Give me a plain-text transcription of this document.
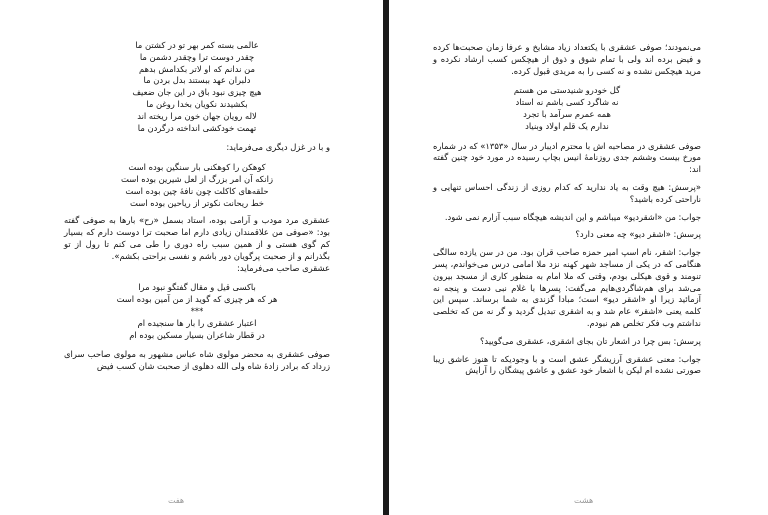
عالمی بسته کمر بهر تو در کشتن ما
چقدر دوست ترا وچقدر دشمن ما
من ندانم که او لاتر بکدامش بدهم
دلبران عهد ببستند بدل بردن ما
هیچ چیزی نبود باق در این جان ضعیف
بکشیدند نکویان بخدا روغن ما
لاله رویان جهان خون مرا ریخته اند
تهمت خودکشی انداخته درگردن ما

و با در غزل دیگری می‌فرماید:

کوهکن را کوهکنی بار سنگین بوده است
زانکه آن امر بزرگ از لعل شیرین بوده است
حلقه‌های کاکلت چون نافۀ چین بوده است
خط ریحانت نکوتر از ریاحین بوده است

عشقری مرد مودب و آرامی بوده، استاد بسمل «رح» بارها به صوفی گفته بود: «صوفی من علاقمندان زیادی دارم اما صحبت ترا دوست دارم که بسیار کم گوی هستی و از همین سبب راه دوری را طی می کنم تا رول از تو بگذرانم و از صحبت پرگویان دور باشم و نفسی براحتی بکشم».

عشقری صاحب می‌فرماید:

باکسی قیل و مقال گفتگو نبود مرا
هر که هر چیزی که گوید از من آمین بوده است
***
اعتبار عشقری را بار ها سنجیده ام
در قطار شاعران بسیار مسکین بوده ام

صوفی عشقری به محضر مولوی شاه عباس مشهور به مولوی صاحب سرای زرداد که برادر زادۀ شاه ولی الله دهلوی از صحبت شان کسب فیض

هفت

می‌نمودند؛ صوفی عشقری با یکتعداد زیاد مشایخ و عرفا زمان صحبت‌ها کرده و فیض برده اند ولی با تمام شوق و ذوق از هیچکس کسب ارشاد نکرده و مرید هیچکس نشده و نه کسی را به مریدی قبول کرده.

گل خودرو شنیدستی من هستم
نه شاگرد کسی باشم نه استاد
همه عمرم سرآمد با تجرد
ندارم یک قلم اولاد وبنیاد

صوفی عشقری در مصاحبه اش با محترم ادیبار در سال «۱۳۵۳» که در شماره مورخ بیست وششم جدی روزنامۀ انیس بچاپ رسیده در مورد خود چنین گفته اند:

«پرسش: هیچ وقت به یاد ندارید که کدام روزی از زندگی احساس تنهایی و ناراحتی کرده باشید؟

جواب: من «اشقردیو» میباشم و این اندیشه هیچگاه سبب آزارم نمی شود.

پرسش: «اشقر دیو» چه معنی دارد؟

جواب: اشقر، نام اسپ امیر حمزه صاحب قران بود. من در سن یازده سالگی هنگامی که در یکی از مساجد شهر کهنه نزد ملا امامی درس می‌خواندم، پسر تنومند و قوی هیکلی بودم، وقتی که ملا امام به منظور کاری از مسجد بیرون می‌شد برای هم‌شاگردی‌هایم می‌گفت: پسرها با غلام نبی دست و پنجه نه آزمائید زیرا او «اشقر دیو» است؛ مبادا گزندی به شما برساند. سپس این کلمه یعنی «اشقر» عام شد و به اشقری تبدیل گردید و گر نه من که تخلصی نداشتم وب فکر تخلص هم نبودم.

پرسش: بس چرا در اشعار تان بجای اشقری، عشقری می‌گویید؟

جواب: معنی عشقری آرزیشگر عشق است و با وجودیکه تا هنوز عاشق زیبا صورتی نشده ام لیکن با اشعار خود عشق و عاشق پیشگان را آرایش

هشت
